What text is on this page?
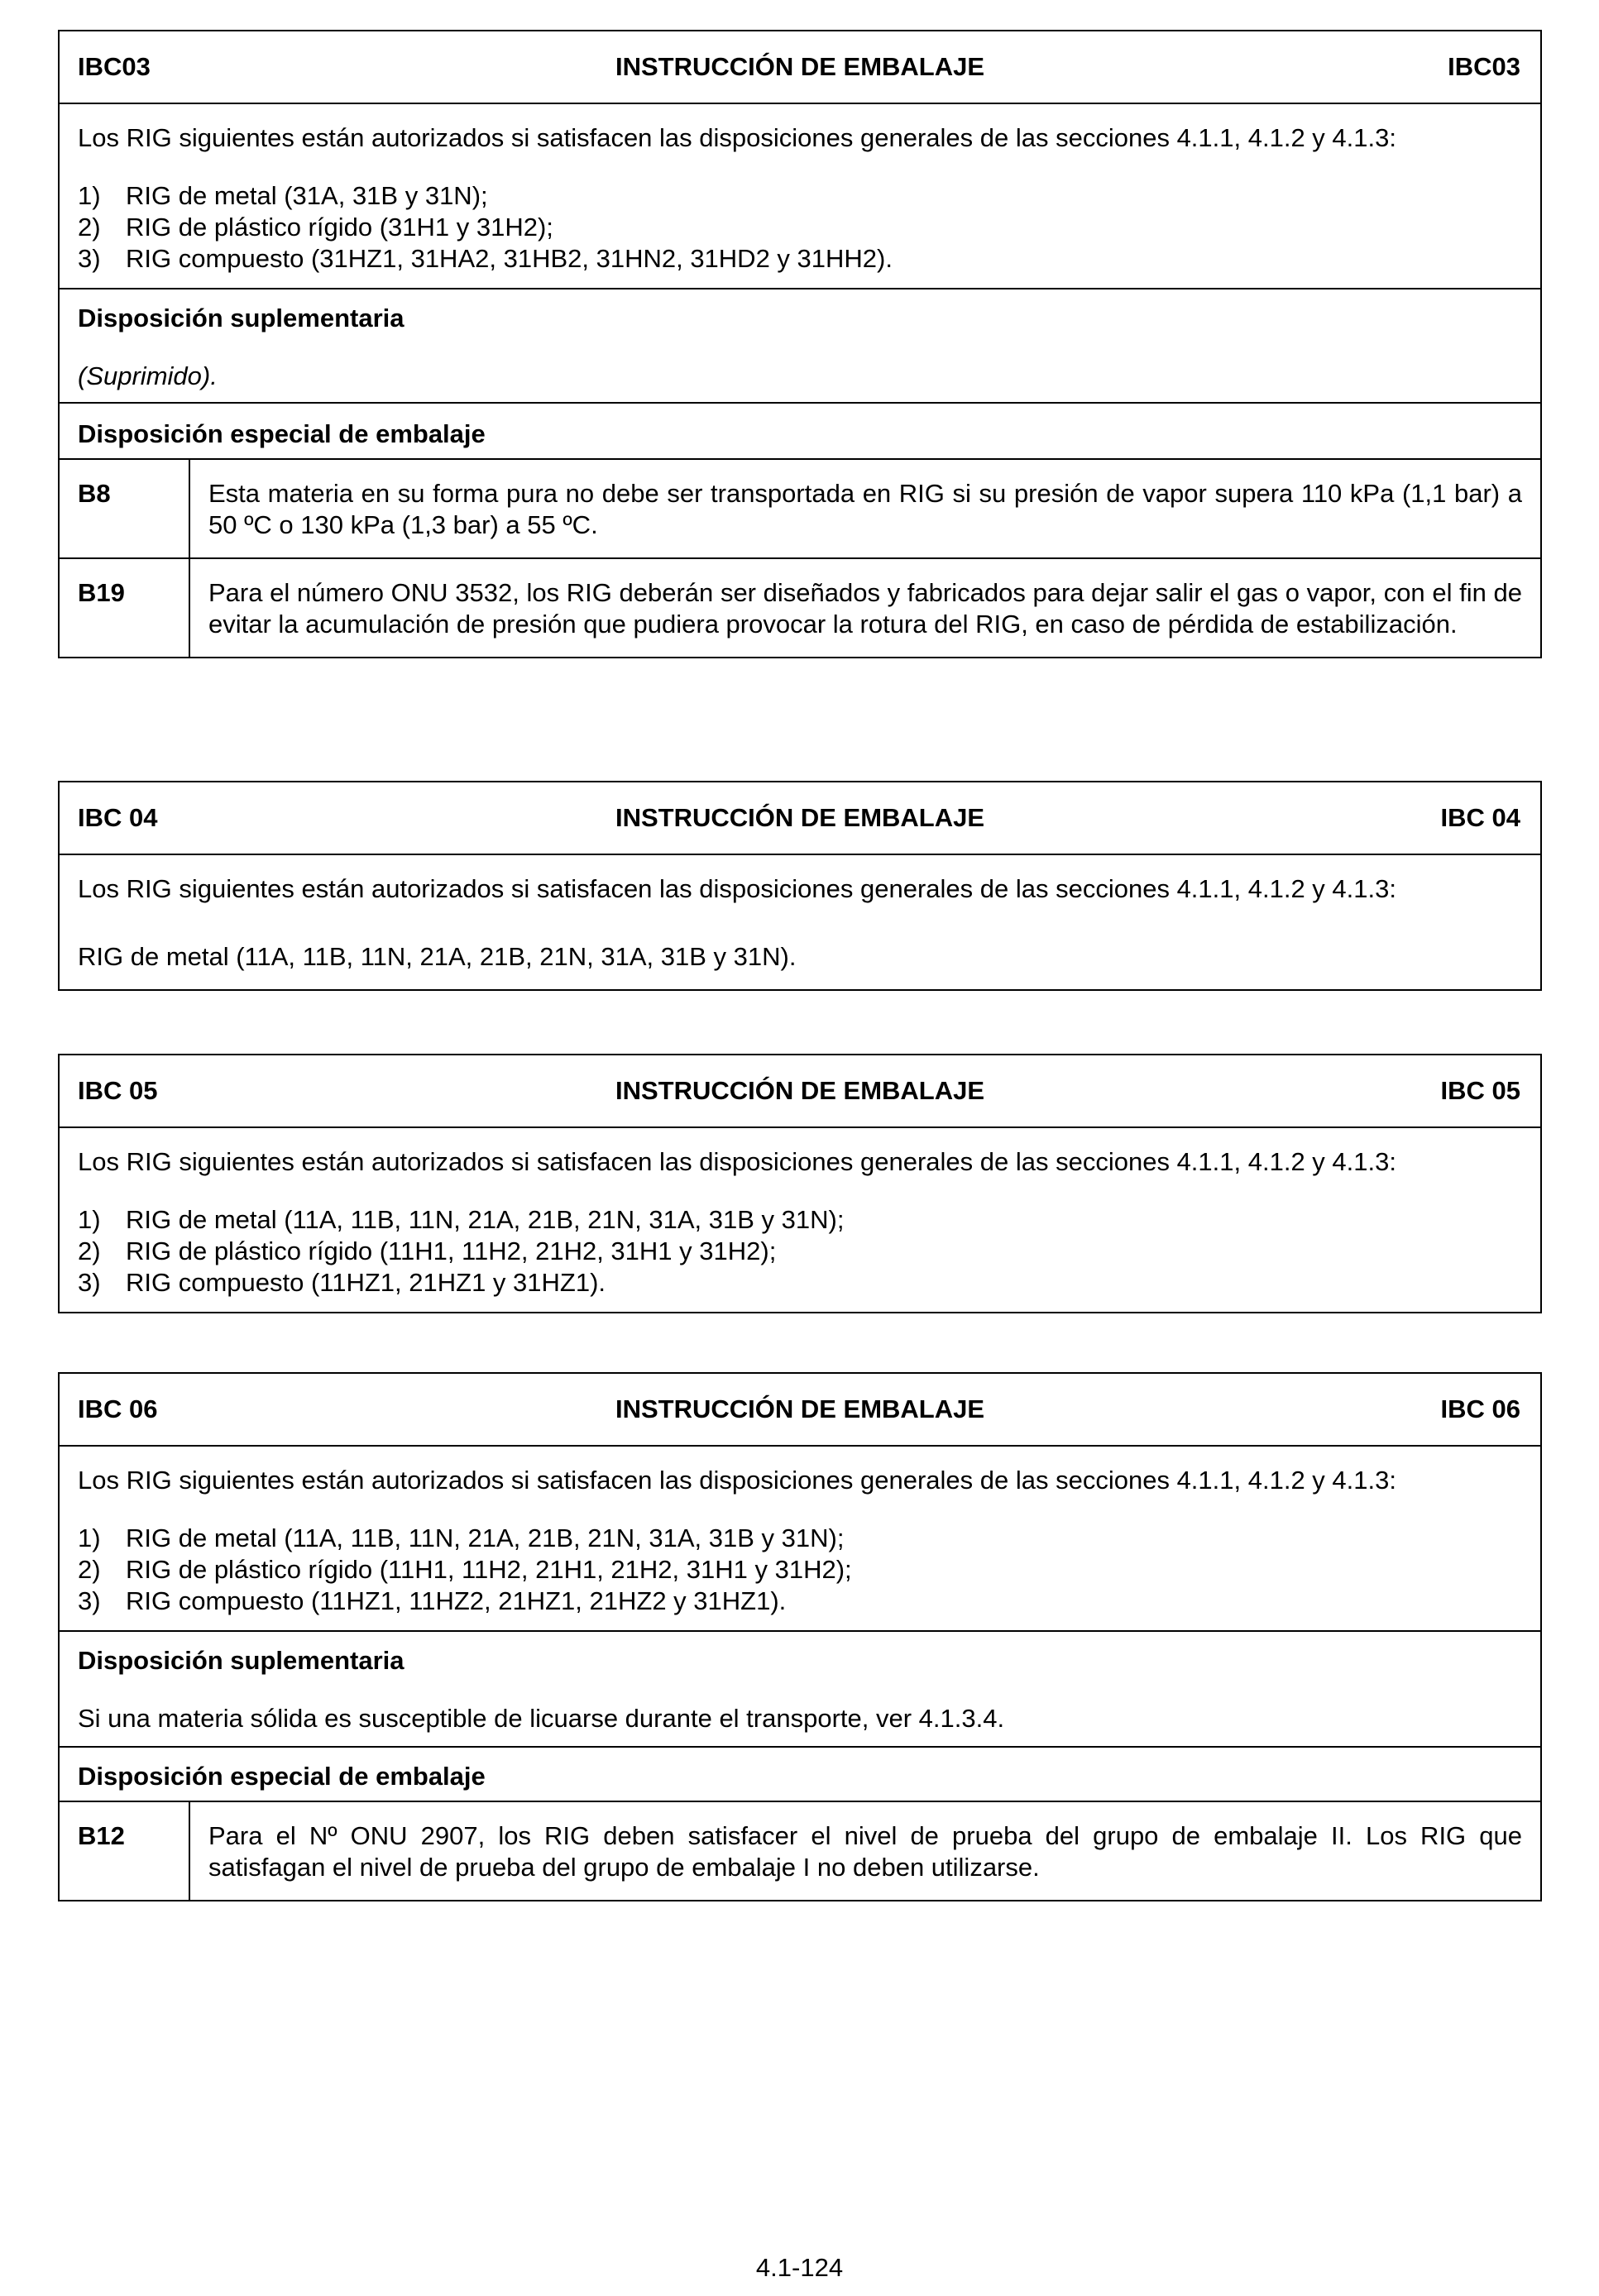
IBC03	INSTRUCCIÓN DE EMBALAJE	IBC03

Los RIG siguientes están autorizados si satisfacen las disposiciones generales de las secciones 4.1.1, 4.1.2 y 4.1.3:

1) RIG de metal (31A, 31B y 31N);
2) RIG de plástico rígido (31H1 y 31H2);
3) RIG compuesto (31HZ1, 31HA2, 31HB2, 31HN2, 31HD2 y 31HH2).

Disposición suplementaria

(Suprimido).

Disposición especial de embalaje

B8	Esta materia en su forma pura no debe ser transportada en RIG si su presión de vapor supera 110 kPa (1,1 bar) a 50 ºC o 130 kPa (1,3 bar) a 55 ºC.
B19	Para el número ONU 3532, los RIG deberán ser diseñados y fabricados para dejar salir el gas o vapor, con el fin de evitar la acumulación de presión que pudiera provocar la rotura del RIG, en caso de pérdida de estabilización.
IBC 04	INSTRUCCIÓN DE EMBALAJE	IBC 04

Los RIG siguientes están autorizados si satisfacen las disposiciones generales de las secciones 4.1.1, 4.1.2 y 4.1.3:

RIG de metal (11A, 11B, 11N, 21A, 21B, 21N, 31A, 31B y 31N).

IBC 05	INSTRUCCIÓN DE EMBALAJE	IBC 05

Los RIG siguientes están autorizados si satisfacen las disposiciones generales de las secciones 4.1.1, 4.1.2 y 4.1.3:

1) RIG de metal (11A, 11B, 11N, 21A, 21B, 21N, 31A, 31B y 31N);
2) RIG de plástico rígido (11H1, 11H2, 21H2, 31H1 y 31H2);
3) RIG compuesto (11HZ1, 21HZ1 y 31HZ1).
IBC 06	INSTRUCCIÓN DE EMBALAJE	IBC 06

Los RIG siguientes están autorizados si satisfacen las disposiciones generales de las secciones 4.1.1, 4.1.2 y 4.1.3:

1) RIG de metal (11A, 11B, 11N, 21A, 21B, 21N, 31A, 31B y 31N);
2) RIG de plástico rígido (11H1, 11H2, 21H1, 21H2, 31H1 y 31H2);
3) RIG compuesto (11HZ1, 11HZ2, 21HZ1, 21HZ2 y 31HZ1).

Disposición suplementaria

Si una materia sólida es susceptible de licuarse durante el transporte, ver 4.1.3.4.

Disposición especial de embalaje

B12	Para el Nº ONU 2907, los RIG deben satisfacer el nivel de prueba del grupo de embalaje II. Los RIG que satisfagan el nivel de prueba del grupo de embalaje I no deben utilizarse.
4.1-124
